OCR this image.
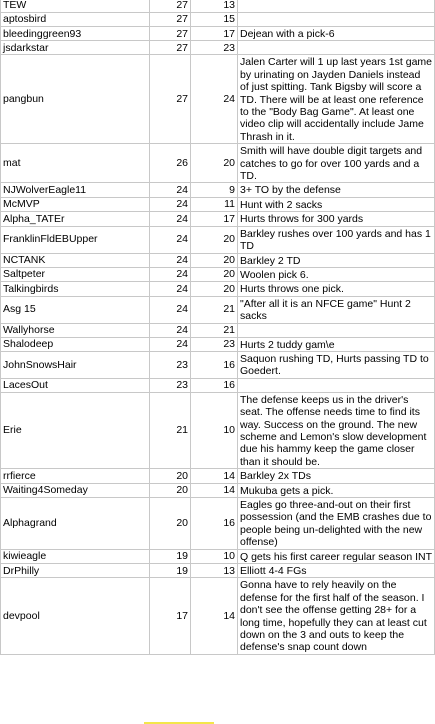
TEW	27	13	
aptosbird	27	15	
bleedinggreen93	27	17	Dejean with a pick-6
jsdarkstar	27	23	
pangbun	27	24	Jalen Carter will 1 up last years 1st game by urinating on Jayden Daniels instead of just spitting. Tank Bigsby will score a TD. There will be at least one reference to the "Body Bag Game". At least one video clip will accidentally include Jame Thrash in it.
mat	26	20	Smith will have double digit targets and catches to go for over 100 yards and a TD.
NJWolverEagle11	24	9	3+ TO by the defense
McMVP	24	11	Hunt with 2 sacks
Alpha_TATEr	24	17	Hurts throws for 300 yards
FranklinFldEBUpper	24	20	Barkley rushes over 100 yards and has 1 TD
NCTANK	24	20	Barkley 2 TD
Saltpeter	24	20	Woolen pick 6.
Talkingbirds	24	20	Hurts throws one pick.
Asg 15	24	21	"After all it is an NFCE game" Hunt 2 sacks
Wallyhorse	24	21	
Shalodeep	24	23	Hurts 2 tuddy gam\e
JohnSnowsHair	23	16	Saquon rushing TD, Hurts passing TD to Goedert.
LacesOut	23	16	
Erie	21	10	The defense keeps us in the driver's seat. The offense needs time to find its way. Success on the ground. The new scheme and Lemon's slow development due his hammy keep the game closer than it should be.
rrfierce	20	14	Barkley 2x TDs
Waiting4Someday	20	14	Mukuba gets a pick.
Alphagrand	20	16	Eagles go three-and-out on their first possession (and the EMB crashes due to people being un-delighted with the new offense)
kiwieagle	19	10	Q gets his first career regular season INT
DrPhilly	19	13	Elliott 4-4 FGs
devpool	17	14	Gonna have to rely heavily on the defense for the first half of the season. I don't see the offense getting 28+ for a long time, hopefully they can at least cut down on the 3 and outs to keep the defense's snap count down
